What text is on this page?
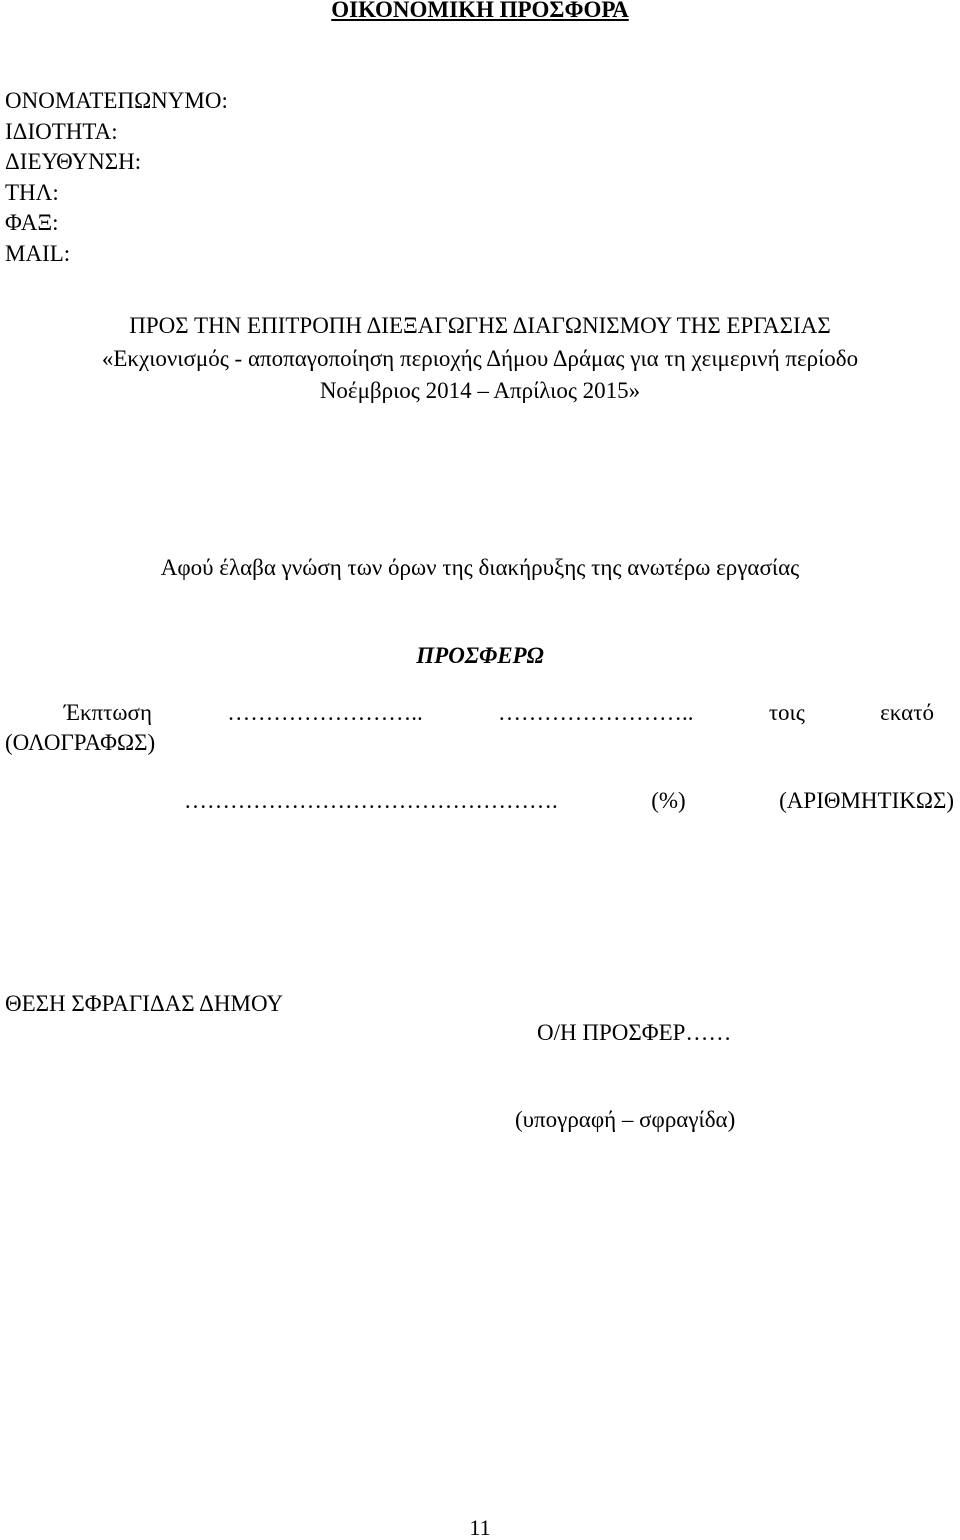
ΟΙΚΟΝΟΜΙΚΗ ΠΡΟΣΦΟΡΑ
ΟΝΟΜΑΤΕΠΩΝΥΜΟ:
ΙΔΙΟΤΗΤΑ:
ΔΙΕΥΘΥΝΣΗ:
ΤΗΛ:
ΦΑΞ:
MAIL:
ΠΡΟΣ ΤΗΝ ΕΠΙΤΡΟΠΗ ΔΙΕΞΑΓΩΓΗΣ ΔΙΑΓΩΝΙΣΜΟΥ ΤΗΣ ΕΡΓΑΣΙΑΣ
«Εκχιονισμός - αποπαγοποίηση περιοχής Δήμου Δράμας για τη χειμερινή περίοδο
Νοέμβριος 2014 – Απρίλιος 2015»
Αφού έλαβα γνώση των όρων της διακήρυξης της ανωτέρω εργασίας
ΠΡΟΣΦΕΡΩ
Έκπτωση	……………………..	……………………..	τοις	εκατό
(ΟΛΟΓΡΑΦΩΣ)
………………………………………….	(%)	(ΑΡΙΘΜΗΤΙΚΩΣ)
ΘΕΣΗ ΣΦΡΑΓΙΔΑΣ ΔΗΜΟΥ
Ο/Η ΠΡΟΣΦΕΡ……
(υπογραφή – σφραγίδα)
11
